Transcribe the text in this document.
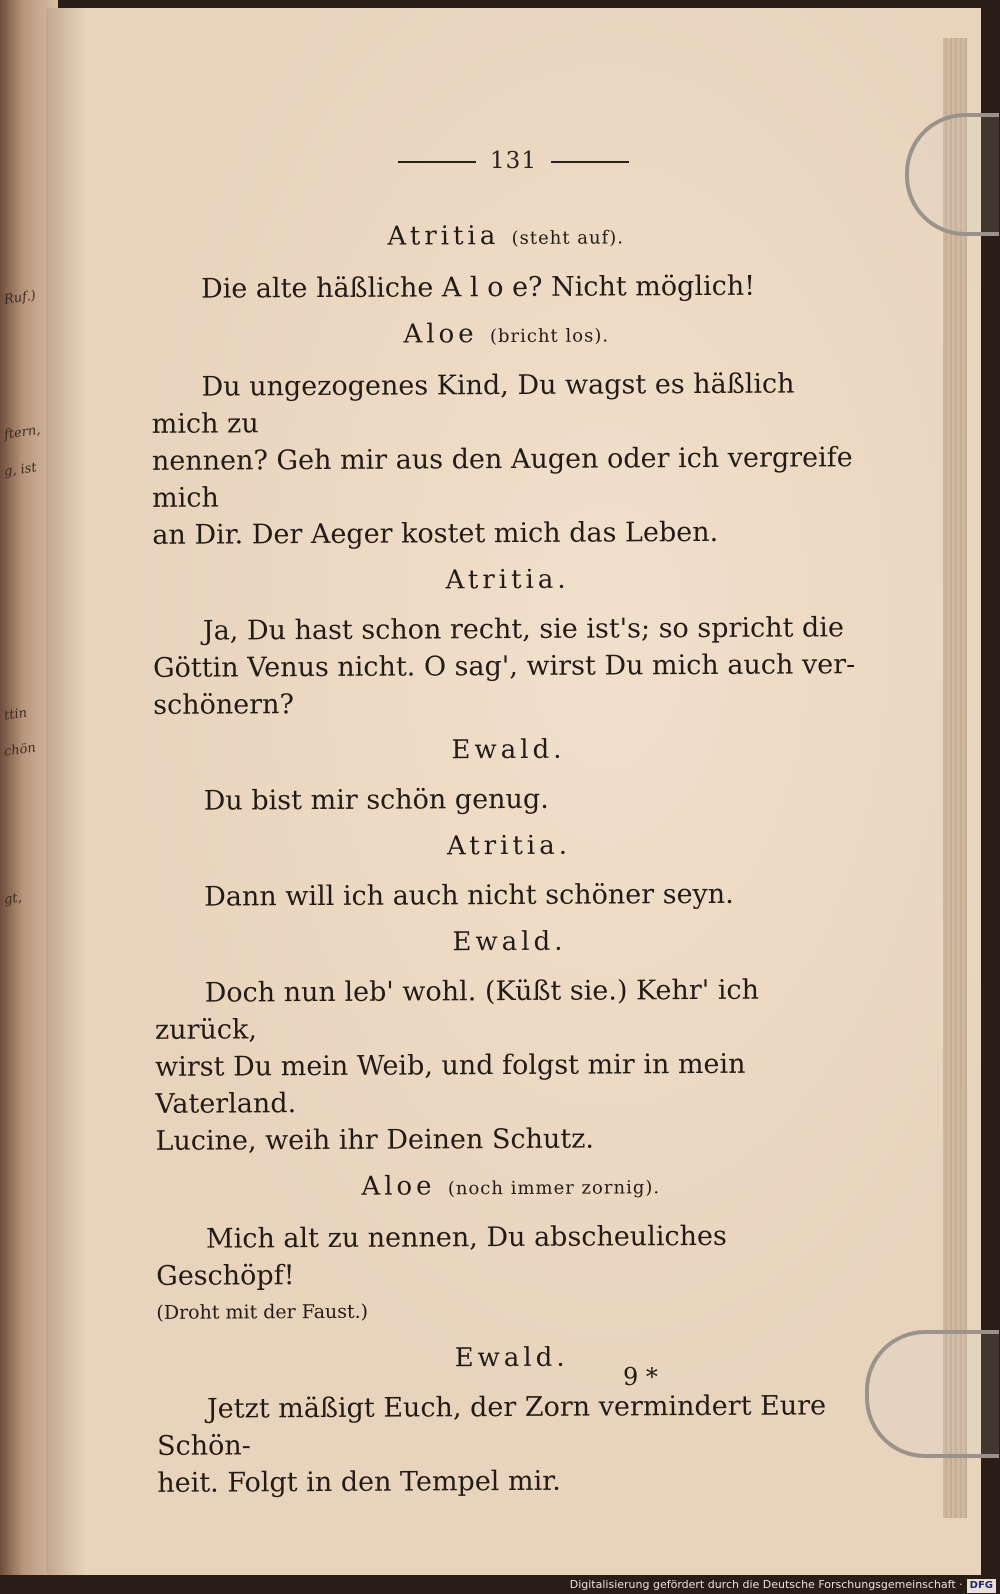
Ruf.)
ftern,
g, ist
ttin
chön
gt,
131
Atritia (steht auf).

Die alte häßliche A l o e? Nicht möglich!

Aloe (bricht los).

Du ungezogenes Kind, Du wagst es häßlich mich zu

nennen? Geh mir aus den Augen oder ich vergreife mich

an Dir. Der Aeger kostet mich das Leben.

Atritia.

Ja, Du hast schon recht, sie ist's; so spricht die

Göttin Venus nicht. O sag', wirst Du mich auch ver-

schönern?

Ewald.

Du bist mir schön genug.

Atritia.

Dann will ich auch nicht schöner seyn.

Ewald.

Doch nun leb' wohl. (Küßt sie.) Kehr' ich zurück,

wirst Du mein Weib, und folgst mir in mein Vaterland.

Lucine, weih ihr Deinen Schutz.

Aloe (noch immer zornig).

Mich alt zu nennen, Du abscheuliches Geschöpf!

(Droht mit der Faust.)
Ewald.

Jetzt mäßigt Euch, der Zorn vermindert Eure Schön-

heit. Folgt in den Tempel mir.

9 *
Digitalisierung gefördert durch die Deutsche Forschungsgemeinschaft · DFG
